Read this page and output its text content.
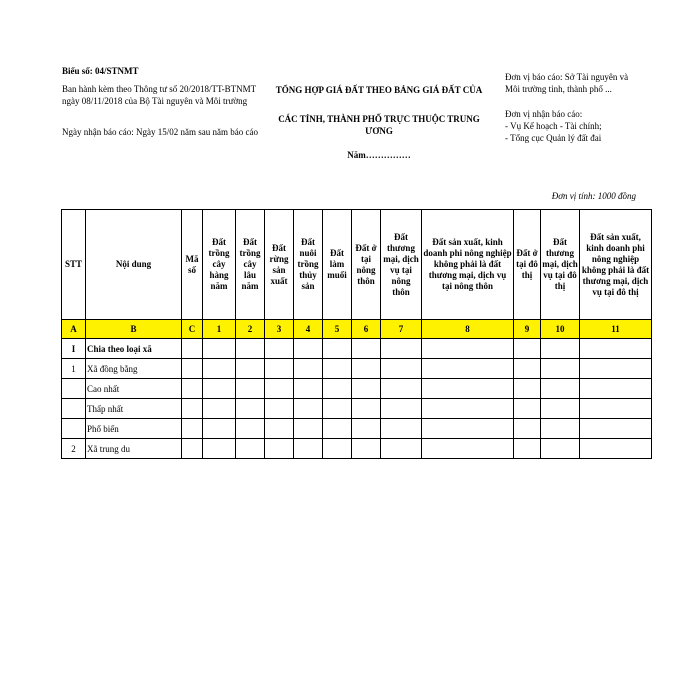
Biểu số: 04/STNMT
Ban hành kèm theo Thông tư số 20/2018/TT-BTNMT ngày 08/11/2018 của Bộ Tài nguyên và Môi trường
Ngày nhận báo cáo: Ngày 15/02 năm sau năm báo cáo
TỔNG HỢP GIÁ ĐẤT THEO BẢNG GIÁ ĐẤT CỦA
CÁC TỈNH, THÀNH PHỐ TRỰC THUỘC TRUNG ƯƠNG
Năm……………
Đơn vị báo cáo: Sở Tài nguyên và Môi trường tỉnh, thành phố ...
Đơn vị nhận báo cáo:
- Vụ Kế hoạch - Tài chính;
- Tổng cục Quản lý đất đai
Đơn vị tính: 1000 đồng
STT	Nội dung	Mã số	Đất trồng cây hàng năm	Đất trồng cây lâu năm	Đất rừng sản xuất	Đất nuôi trồng thủy sản	Đất làm muối	Đất ở tại nông thôn	Đất thương mại, dịch vụ tại nông thôn	Đất sản xuất, kinh doanh phi nông nghiệp không phải là đất thương mại, dịch vụ tại nông thôn	Đất ở tại đô thị	Đất thương mại, dịch vụ tại đô thị	Đất sản xuất, kinh doanh phi nông nghiệp không phải là đất thương mại, dịch vụ tại đô thị
A	B	C	1	2	3	4	5	6	7	8	9	10	11
I	Chia theo loại xã												
1	Xã đồng bằng												
	Cao nhất												
	Thấp nhất												
	Phổ biến												
2	Xã trung du												
